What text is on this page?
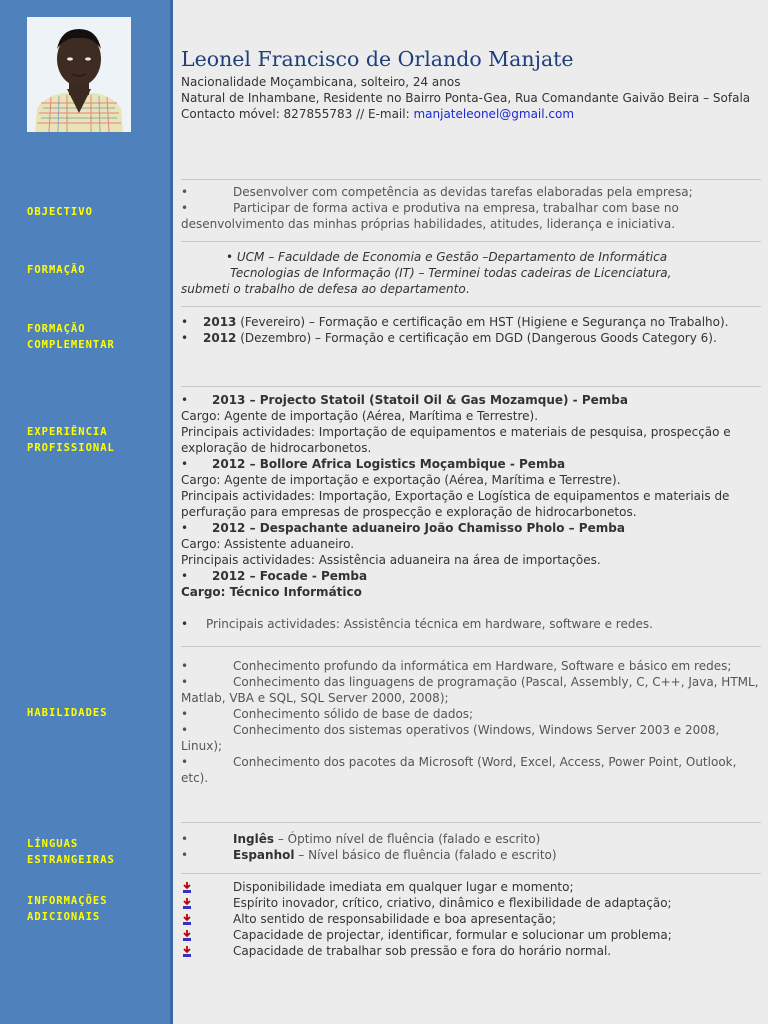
OBJECTIVO
FORMAÇÃO
FORMAÇÃO
COMPLEMENTAR
EXPERIÊNCIA
PROFISSIONAL
HABILIDADES
LÍNGUAS
ESTRANGEIRAS
INFORMAÇÕES
ADICIONAIS
Leonel Francisco de Orlando Manjate
Nacionalidade Moçambicana, solteiro, 24 anos
Natural de Inhambane, Residente no Bairro Ponta-Gea, Rua Comandante Gaivão Beira – Sofala
Contacto móvel: 827855783 // E-mail: manjateleonel@gmail.com
•	Desenvolver com competência as devidas tarefas elaboradas pela empresa;
•	Participar de forma activa e produtiva na empresa, trabalhar com base no desenvolvimento das minhas próprias habilidades, atitudes, liderança e iniciativa.
• UCM – Faculdade de Economia e Gestão –Departamento de Informática
Tecnologias de Informação (IT) – Terminei todas cadeiras de Licenciatura,
submeti o trabalho de defesa ao departamento.
•	2013 (Fevereiro) – Formação e certificação em HST (Higiene e Segurança no Trabalho).
•	2012 (Dezembro) – Formação e certificação em DGD (Dangerous Goods Category 6).
•	2013 – Projecto Statoil (Statoil Oil & Gas Mozamque) - Pemba
Cargo: Agente de importação (Aérea, Marítima e Terrestre).
Principais actividades: Importação de equipamentos e materiais de pesquisa, prospecção e exploração de hidrocarbonetos.
•	2012 – Bollore Africa Logistics Moçambique - Pemba
Cargo: Agente de importação e exportação (Aérea, Marítima e Terrestre).
Principais actividades: Importação, Exportação e Logística de equipamentos e materiais de perfuração para empresas de prospecção e exploração de hidrocarbonetos.
•	2012 – Despachante aduaneiro João Chamisso Pholo – Pemba
Cargo: Assistente aduaneiro.
Principais actividades: Assistência aduaneira na área de importações.
•	2012 – Focade - Pemba
Cargo: Técnico Informático
•	Principais actividades: Assistência técnica em hardware, software e redes.
•	Conhecimento profundo da informática em Hardware, Software e básico em redes;
•	Conhecimento das linguagens de programação (Pascal, Assembly, C, C++, Java, HTML, Matlab, VBA e SQL, SQL Server 2000, 2008);
•	Conhecimento sólido de base de dados;
•	Conhecimento dos sistemas operativos (Windows, Windows Server 2003 e 2008, Linux);
•	Conhecimento dos pacotes da Microsoft (Word, Excel, Access, Power Point, Outlook, etc).
•	Inglês – Óptimo nível de fluência (falado e escrito)
•	Espanhol – Nível básico de fluência (falado e escrito)
Disponibilidade imediata em qualquer lugar e momento;
Espírito inovador, crítico, criativo, dinâmico e flexibilidade de adaptação;
Alto sentido de responsabilidade e boa apresentação;
Capacidade de projectar, identificar, formular e solucionar um problema;
Capacidade de trabalhar sob pressão e fora do horário normal.
